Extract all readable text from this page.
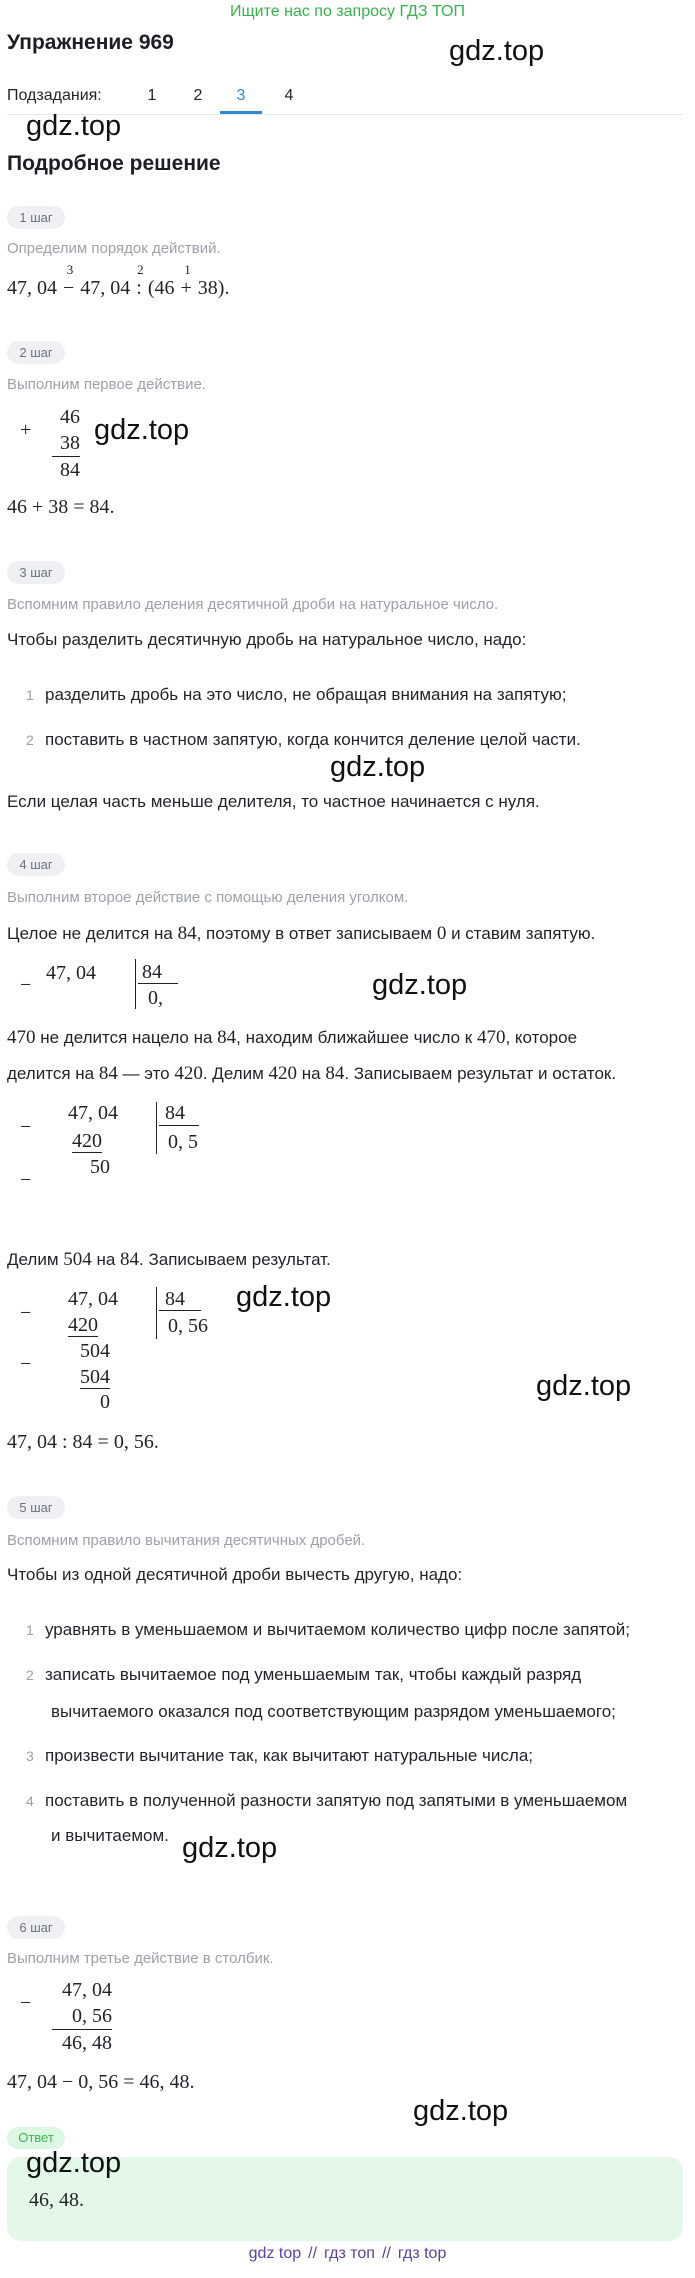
Ищите нас по запросу ГДЗ ТОП
Упражнение 969	gdz.top
Подзадания:	1	2	3	4
gdz.top
Подробное решение
1 шаг
Определим порядок действий.
47, 04 −
3
47, 04 :
2
(46 +
1
38).
2 шаг
Выполним первое действие.
+
46
38
84
gdz.top
46 + 38 = 84.
3 шаг
Вспомним правило деления десятичной дроби на натуральное число.
Чтобы разделить десятичную дробь на натуральное число, надо:
1 разделить дробь на это число, не обращая внимания на запятую;
2 поставить в частном запятую, когда кончится деление целой части.
gdz.top
Если целая часть меньше делителя, то частное начинается с нуля.
4 шаг
Выполним второе действие с помощью деления уголком.
Целое не делится на 84, поэтому в ответ записываем 0 и ставим запятую.
−
47, 04 84
0,	gdz.top
470 не делится нацело на 84, находим ближайшее число к 470, которое
делится на 84 — это 420. Делим 420 на 84. Записываем результат и остаток.
−
47, 04
420
50
−
84
0, 5
Делим 504 на 84. Записываем результат.
−
47, 04
420
−
504
504
0
84
0, 56
gdz.top
gdz.top
47, 04 : 84 = 0, 56.
5 шаг
Вспомним правило вычитания десятичных дробей.
Чтобы из одной десятичной дроби вычесть другую, надо:
1 уравнять в уменьшаемом и вычитаемом количество цифр после запятой;
2 записать вычитаемое под уменьшаемым так, чтобы каждый разряд
вычитаемого оказался под соответствующим разрядом уменьшаемого;
3 произвести вычитание так, как вычитают натуральные числа;
4 поставить в полученной разности запятую под запятыми в уменьшаемом
и вычитаемом. gdz.top
6 шаг
Выполним третье действие в столбик.
−
47, 04
0, 56
46, 48
47, 04 − 0, 56 = 46, 48.
gdz.top
Ответ
46, 48.
gdz.top
gdz top // гдз топ // гдз top
